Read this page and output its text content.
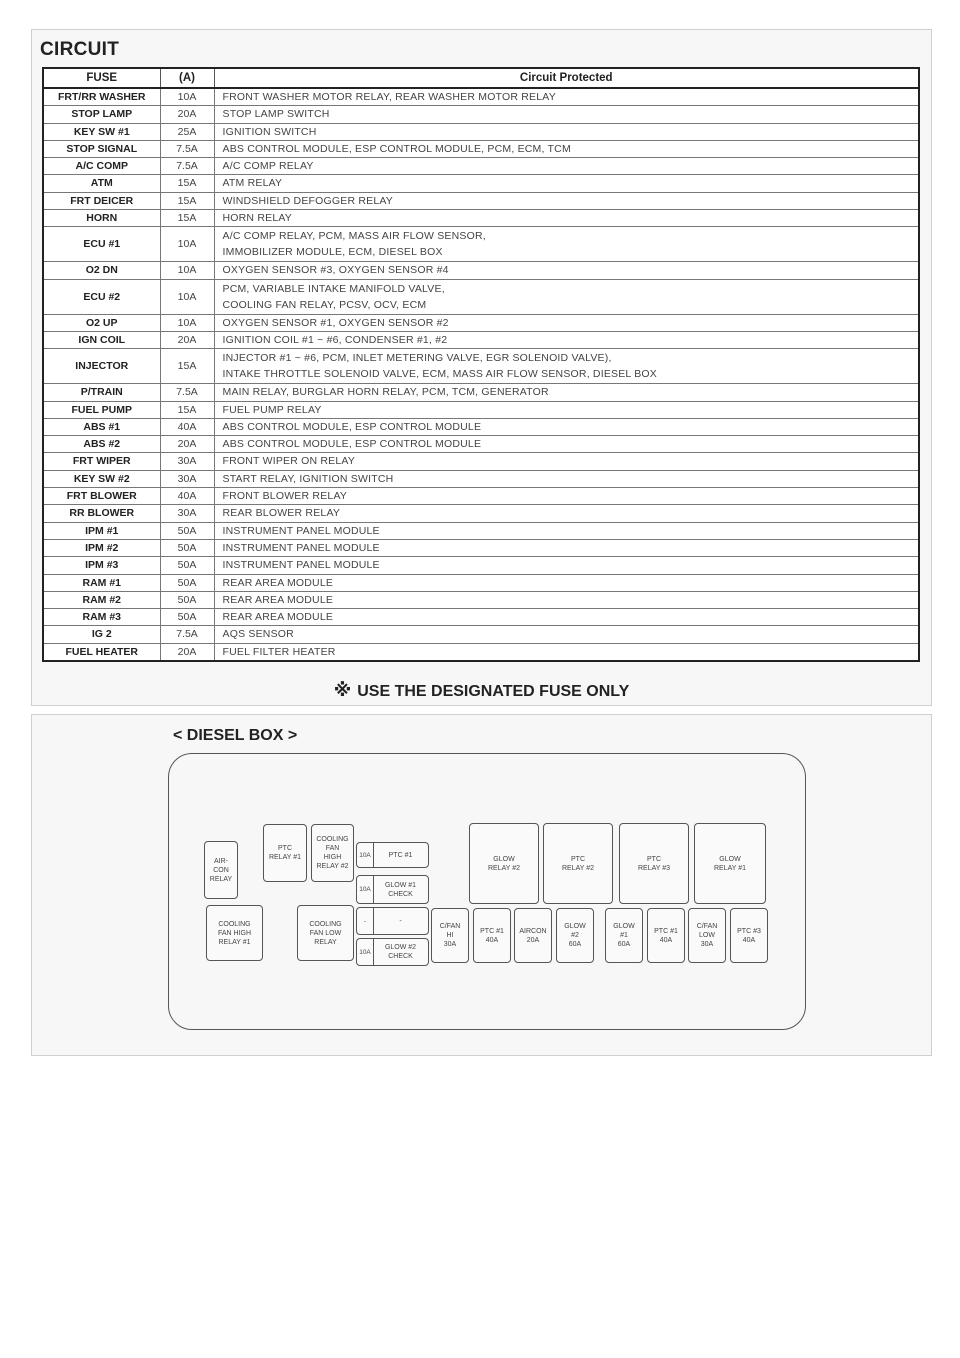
CIRCUIT
FUSE	(A)	Circuit Protected
FRT/RR WASHER	10A	FRONT WASHER MOTOR RELAY, REAR WASHER MOTOR RELAY

STOP LAMP	20A	STOP LAMP SWITCH

KEY SW #1	25A	IGNITION SWITCH

STOP SIGNAL	7.5A	ABS CONTROL MODULE, ESP CONTROL MODULE, PCM, ECM, TCM

A/C COMP	7.5A	A/C COMP RELAY

ATM	15A	ATM RELAY

FRT DEICER	15A	WINDSHIELD DEFOGGER RELAY

HORN	15A	HORN RELAY

ECU #1	10A	A/C COMP RELAY, PCM, MASS AIR FLOW SENSOR,
IMMOBILIZER MODULE, ECM, DIESEL BOX

O2 DN	10A	OXYGEN SENSOR #3, OXYGEN SENSOR #4

ECU #2	10A	PCM, VARIABLE INTAKE MANIFOLD VALVE,
COOLING FAN RELAY, PCSV, OCV, ECM

O2 UP	10A	OXYGEN SENSOR #1, OXYGEN SENSOR #2

IGN COIL	20A	IGNITION COIL #1 ~ #6, CONDENSER #1, #2

INJECTOR	15A	INJECTOR #1 ~ #6, PCM, INLET METERING VALVE, EGR SOLENOID VALVE),
INTAKE THROTTLE SOLENOID VALVE, ECM, MASS AIR FLOW SENSOR, DIESEL BOX

P/TRAIN	7.5A	MAIN RELAY, BURGLAR HORN RELAY, PCM, TCM, GENERATOR

FUEL PUMP	15A	FUEL PUMP RELAY

ABS #1	40A	ABS CONTROL MODULE, ESP CONTROL MODULE

ABS #2	20A	ABS CONTROL MODULE, ESP CONTROL MODULE

FRT WIPER	30A	FRONT WIPER ON RELAY

KEY SW #2	30A	START RELAY, IGNITION SWITCH

FRT BLOWER	40A	FRONT BLOWER RELAY

RR BLOWER	30A	REAR BLOWER RELAY

IPM #1	50A	INSTRUMENT PANEL MODULE

IPM #2	50A	INSTRUMENT PANEL MODULE

IPM #3	50A	INSTRUMENT PANEL MODULE

RAM #1	50A	REAR AREA MODULE

RAM #2	50A	REAR AREA MODULE

RAM #3	50A	REAR AREA MODULE

IG 2	7.5A	AQS SENSOR

FUEL HEATER	20A	FUEL FILTER HEATER
※ USE THE DESIGNATED FUSE ONLY
< DIESEL BOX >
AIR-
CON
RELAY
PTC
RELAY #1
COOLING
FAN
HIGH
RELAY #2
10A	PTC #1
10A
GLOW #1
CHECK
-	-
10A
GLOW #2
CHECK
GLOW
RELAY #2
PTC
RELAY #2
PTC
RELAY #3
GLOW
RELAY #1
COOLING
FAN HIGH
RELAY #1
COOLING
FAN LOW
RELAY
C/FAN
HI
30A
PTC #1
40A
AIRCON
20A
GLOW
#2
60A
GLOW
#1
60A
PTC #1
40A
C/FAN
LOW
30A
PTC #3
40A
